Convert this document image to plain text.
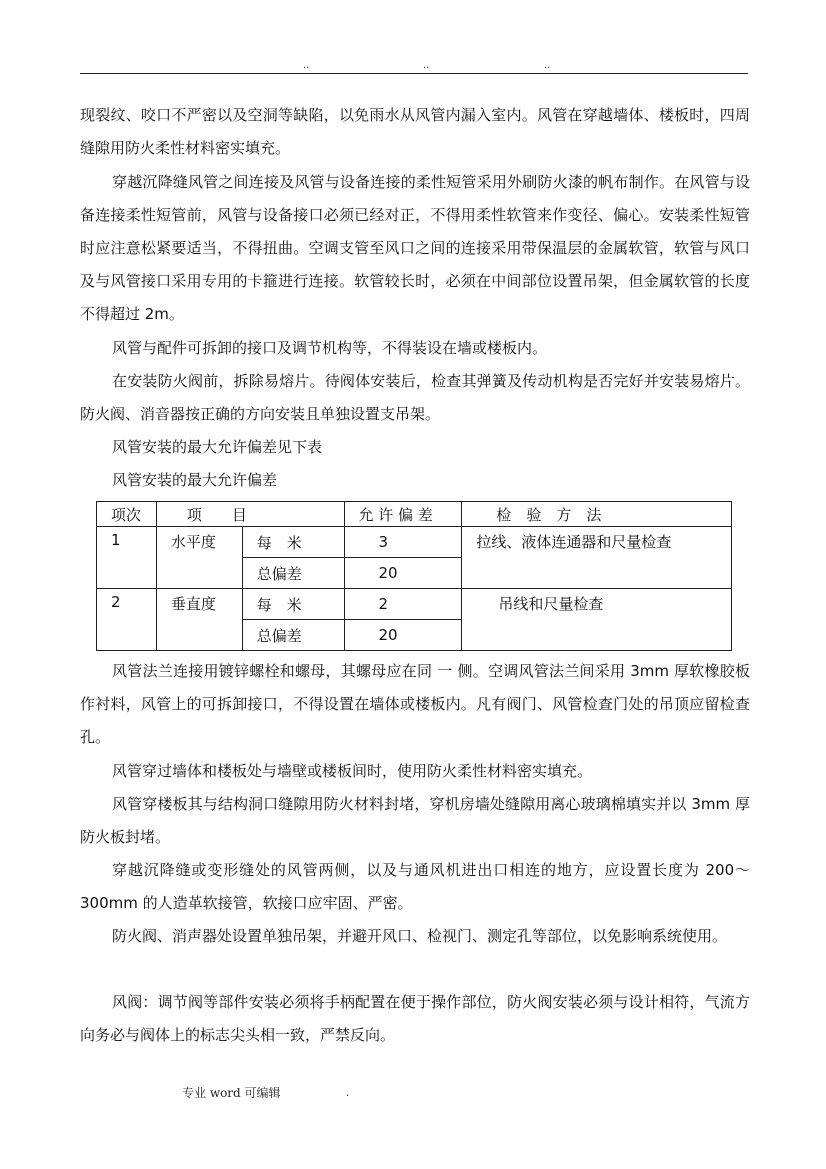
..	..	..

现裂纹、咬口不严密以及空洞等缺陷，以免雨水从风管内漏入室内。风管在穿越墙体、楼板时，四周缝隙用防火柔性材料密实填充。

穿越沉降缝风管之间连接及风管与设备连接的柔性短管采用外刷防火漆的帆布制作。在风管与设备连接柔性短管前，风管与设备接口必须已经对正，不得用柔性软管来作变径、偏心。安装柔性短管时应注意松紧要适当，不得扭曲。空调支管至风口之间的连接采用带保温层的金属软管，软管与风口及与风管接口采用专用的卡箍进行连接。软管较长时，必须在中间部位设置吊架，但金属软管的长度不得超过 2m。

风管与配件可拆卸的接口及调节机构等，不得装设在墙或楼板内。

在安装防火阀前，拆除易熔片。待阀体安装后，检查其弹簧及传动机构是否完好并安装易熔片。防火阀、消音器按正确的方向安装且单独设置支吊架。

风管安装的最大允许偏差见下表

风管安装的最大允许偏差

项次	项　　目		允 许 偏 差	检　验　方　法
1	水平度	每　米	3	拉线、液体连通器和尺量检查
		总偏差	20	
2	垂直度	每　米	2	吊线和尺量检查
		总偏差	20	

风管法兰连接用镀锌螺栓和螺母，其螺母应在同 一 侧。空调风管法兰间采用 3mm 厚软橡胶板作衬料，风管上的可拆卸接口，不得设置在墙体或楼板内。凡有阀门、风管检查门处的吊顶应留检查孔。

风管穿过墙体和楼板处与墙壁或楼板间时，使用防火柔性材料密实填充。

风管穿楼板其与结构洞口缝隙用防火材料封堵，穿机房墙处缝隙用离心玻璃棉填实并以 3mm 厚防火板封堵。

穿越沉降缝或变形缝处的风管两侧，以及与通风机进出口相连的地方，应设置长度为 200～300mm 的人造革软接管，软接口应牢固、严密。

防火阀、消声器处设置单独吊架，并避开风口、检视门、测定孔等部位，以免影响系统使用。

风阀：调节阀等部件安装必须将手柄配置在便于操作部位，防火阀安装必须与设计相符，气流方向务必与阀体上的标志尖头相一致，严禁反向。

专业 word 可编辑	.
